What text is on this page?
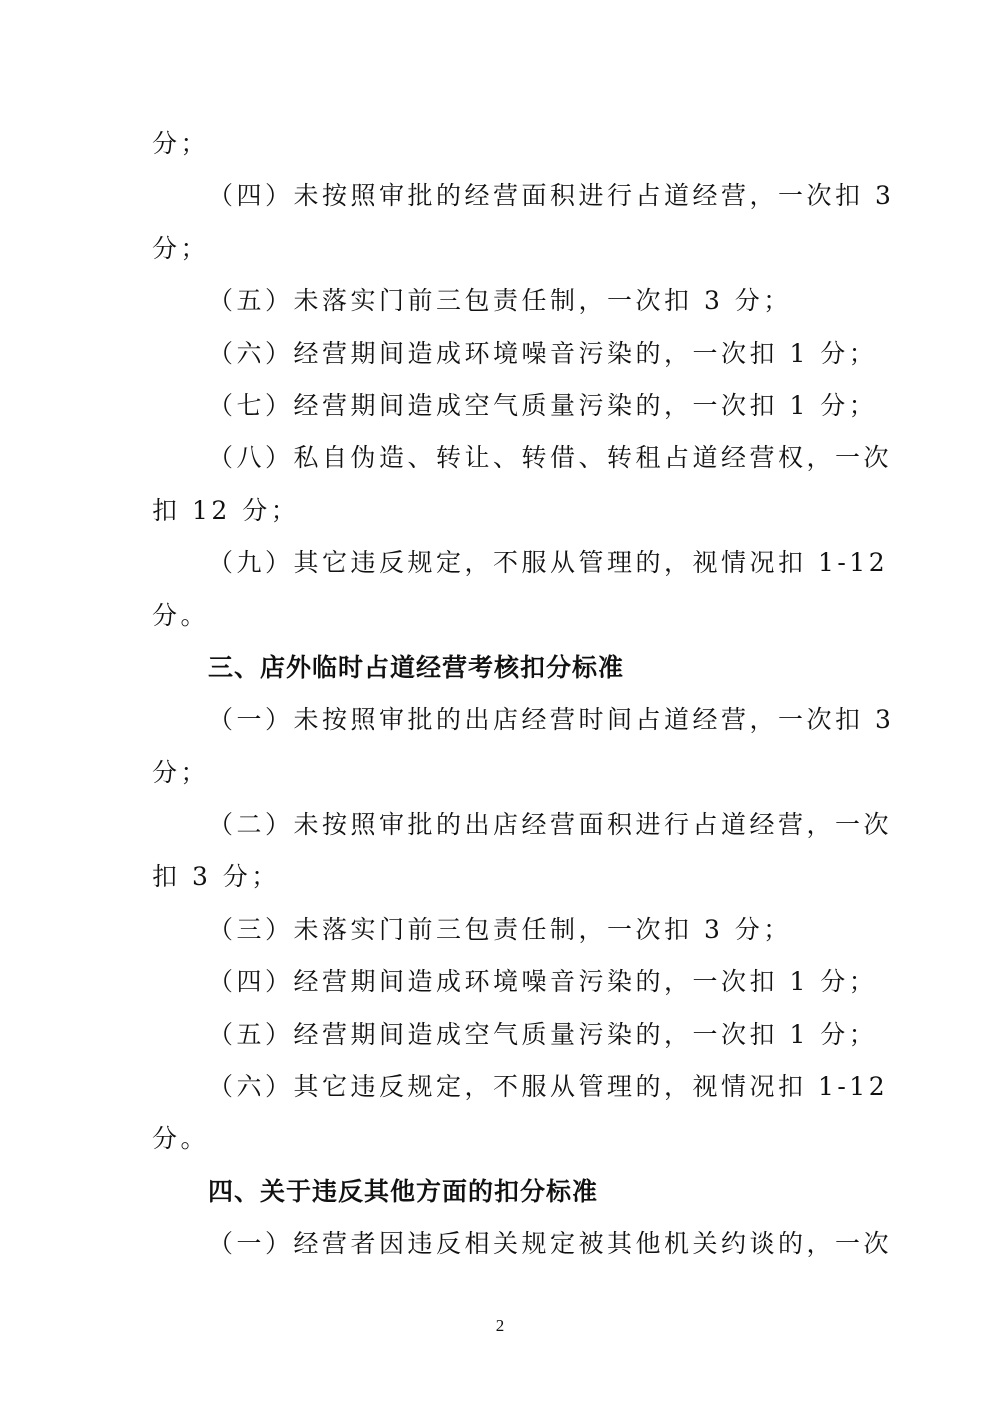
分；
（四）未按照审批的经营面积进行占道经营，一次扣 3
分；
（五）未落实门前三包责任制，一次扣 3 分；
（六）经营期间造成环境噪音污染的，一次扣 1 分；
（七）经营期间造成空气质量污染的，一次扣 1 分；
（八）私自伪造、转让、转借、转租占道经营权，一次
扣 12 分；
（九）其它违反规定，不服从管理的，视情况扣 1-12
分。
三、店外临时占道经营考核扣分标准
（一）未按照审批的出店经营时间占道经营，一次扣 3
分；
（二）未按照审批的出店经营面积进行占道经营，一次
扣 3 分；
（三）未落实门前三包责任制，一次扣 3 分；
（四）经营期间造成环境噪音污染的，一次扣 1 分；
（五）经营期间造成空气质量污染的，一次扣 1 分；
（六）其它违反规定，不服从管理的，视情况扣 1-12
分。
四、关于违反其他方面的扣分标准
（一）经营者因违反相关规定被其他机关约谈的，一次
2
